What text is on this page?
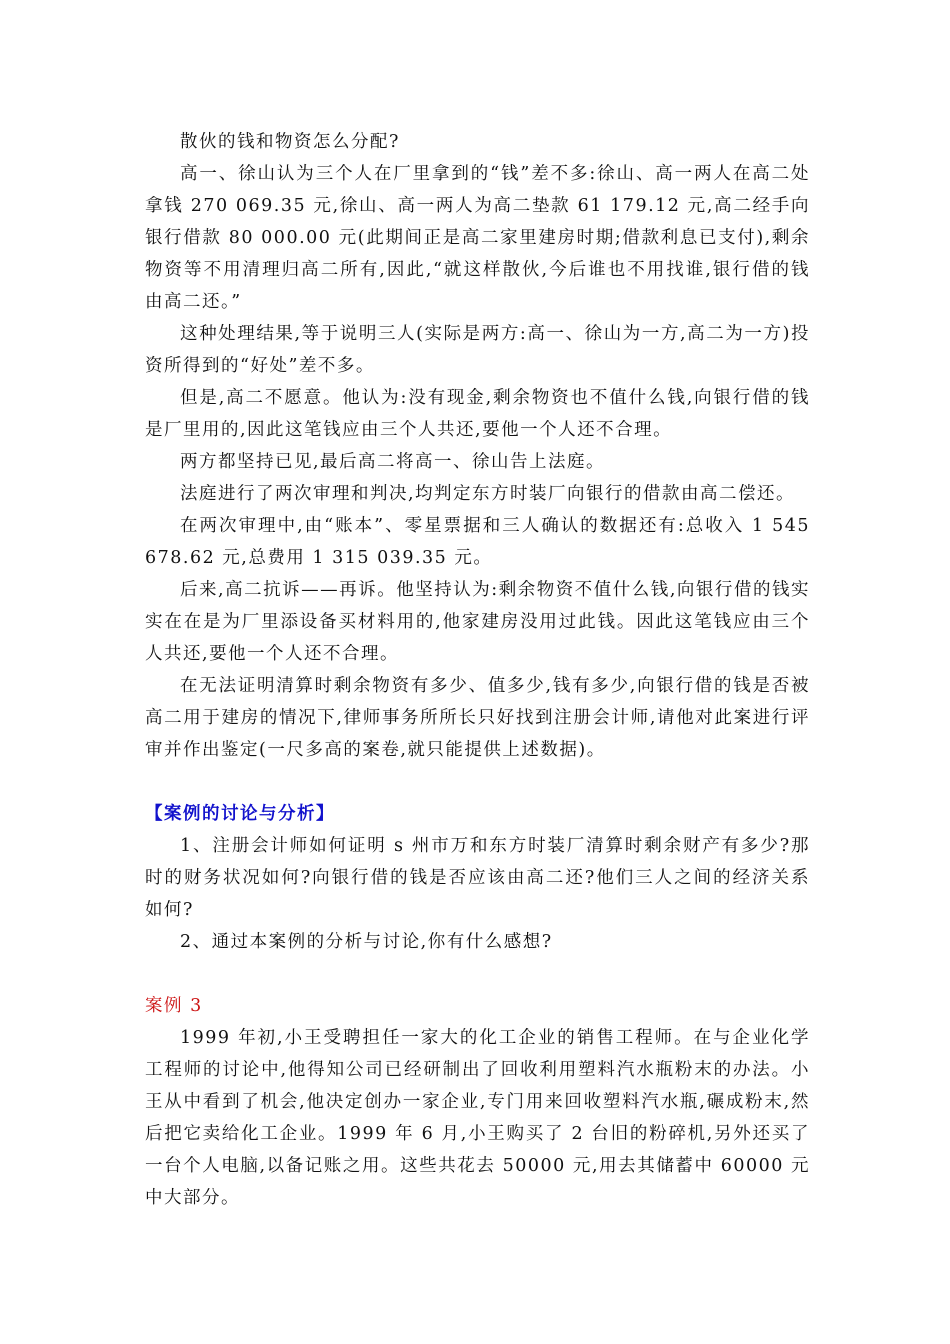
散伙的钱和物资怎么分配?

高一、徐山认为三个人在厂里拿到的“钱”差不多:徐山、高一两人在高二处拿钱 270 069.35 元,徐山、高一两人为高二垫款 61 179.12 元,高二经手向银行借款 80 000.00 元(此期间正是高二家里建房时期;借款利息已支付),剩余物资等不用清理归高二所有,因此,“就这样散伙,今后谁也不用找谁,银行借的钱由高二还。”

这种处理结果,等于说明三人(实际是两方:高一、徐山为一方,高二为一方)投资所得到的“好处”差不多。

但是,高二不愿意。他认为:没有现金,剩余物资也不值什么钱,向银行借的钱是厂里用的,因此这笔钱应由三个人共还,要他一个人还不合理。

两方都坚持已见,最后高二将高一、徐山告上法庭。

法庭进行了两次审理和判决,均判定东方时装厂向银行的借款由高二偿还。

在两次审理中,由“账本”、零星票据和三人确认的数据还有:总收入 1 545 678.62 元,总费用 1 315 039.35 元。

后来,高二抗诉——再诉。他坚持认为:剩余物资不值什么钱,向银行借的钱实实在在是为厂里添设备买材料用的,他家建房没用过此钱。因此这笔钱应由三个人共还,要他一个人还不合理。

在无法证明清算时剩余物资有多少、值多少,钱有多少,向银行借的钱是否被高二用于建房的情况下,律师事务所所长只好找到注册会计师,请他对此案进行评审并作出鉴定(一尺多高的案卷,就只能提供上述数据)。

【案例的讨论与分析】

1、注册会计师如何证明 s 州市万和东方时装厂清算时剩余财产有多少?那时的财务状况如何?向银行借的钱是否应该由高二还?他们三人之间的经济关系如何?

2、通过本案例的分析与讨论,你有什么感想?

案例 3

1999 年初,小王受聘担任一家大的化工企业的销售工程师。在与企业化学工程师的讨论中,他得知公司已经研制出了回收利用塑料汽水瓶粉末的办法。小王从中看到了机会,他决定创办一家企业,专门用来回收塑料汽水瓶,碾成粉末,然后把它卖给化工企业。1999 年 6 月,小王购买了 2 台旧的粉碎机,另外还买了一台个人电脑,以备记账之用。这些共花去 50000 元,用去其储蓄中 60000 元中大部分。
